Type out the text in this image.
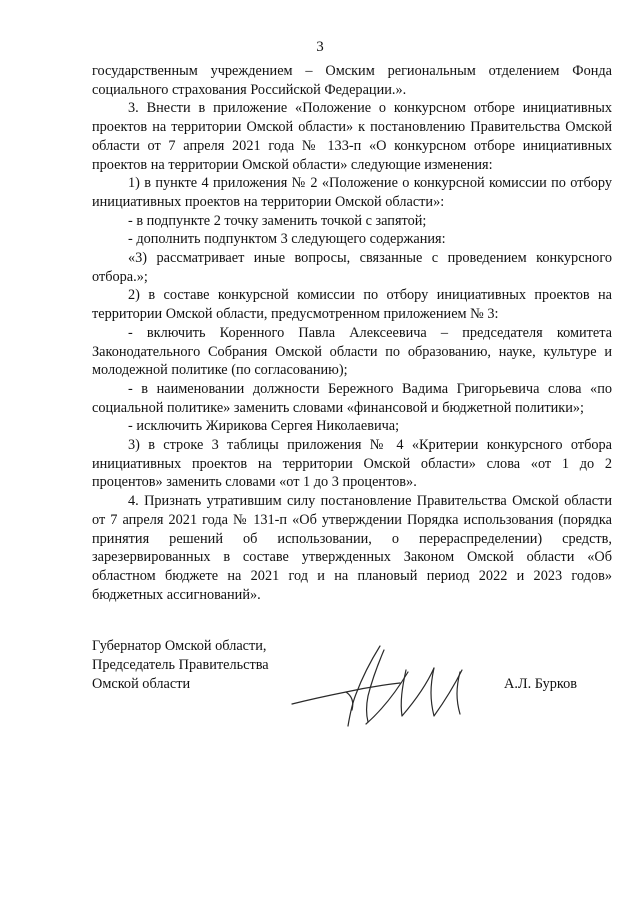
3

государственным учреждением – Омским региональным отделением Фонда социального страхования Российской Федерации.».

3. Внести в приложение «Положение о конкурсном отборе инициативных проектов на территории Омской области» к постановлению Правительства Омской области от 7 апреля 2021 года № 133-п «О конкурсном отборе инициативных проектов на территории Омской области» следующие изменения:

1) в пункте 4 приложения № 2 «Положение о конкурсной комиссии по отбору инициативных проектов на территории Омской области»:

- в подпункте 2 точку заменить точкой с запятой;

- дополнить подпунктом 3 следующего содержания:

«3) рассматривает иные вопросы, связанные с проведением конкурсного отбора.»;

2) в составе конкурсной комиссии по отбору инициативных проектов на территории Омской области, предусмотренном приложением № 3:

- включить Коренного Павла Алексеевича – председателя комитета Законодательного Собрания Омской области по образованию, науке, культуре и молодежной политике (по согласованию);

- в наименовании должности Бережного Вадима Григорьевича слова «по социальной политике» заменить словами «финансовой и бюджетной политики»;

- исключить Жирикова Сергея Николаевича;

3) в строке 3 таблицы приложения № 4 «Критерии конкурсного отбора инициативных проектов на территории Омской области» слова «от 1 до 2 процентов» заменить словами «от 1 до 3 процентов».

4. Признать утратившим силу постановление Правительства Омской области от 7 апреля 2021 года № 131-п «Об утверждении Порядка использования (порядка принятия решений об использовании, о перераспределении) средств, зарезервированных в составе утвержденных Законом Омской области «Об областном бюджете на 2021 год и на плановый период 2022 и 2023 годов» бюджетных ассигнований».

Губернатор Омской области,
Председатель Правительства
Омской области	А.Л. Бурков
